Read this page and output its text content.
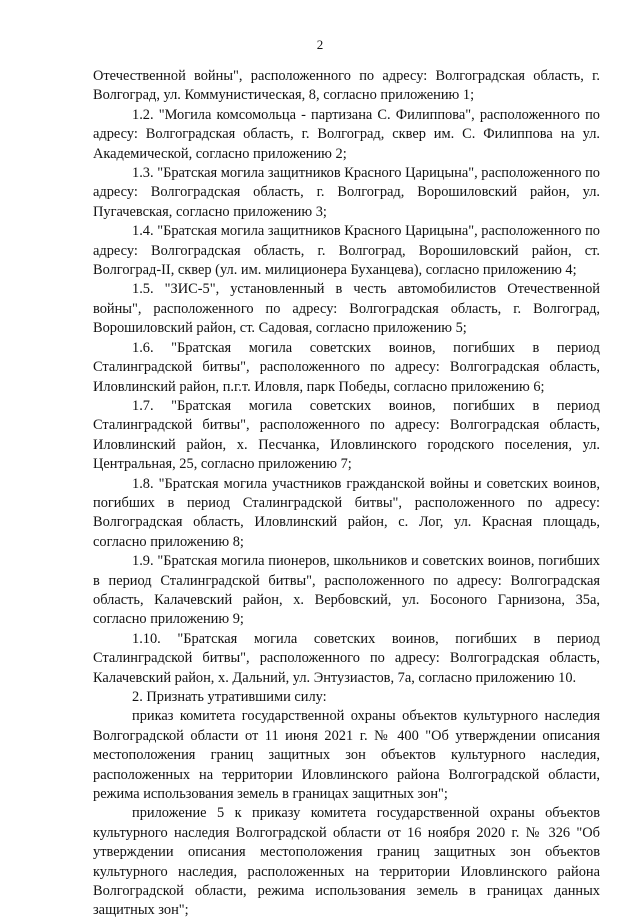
2

Отечественной войны", расположенного по адресу: Волгоградская область, г. Волгоград, ул. Коммунистическая, 8, согласно приложению 1;

1.2. "Могила комсомольца - партизана С. Филиппова", расположенного по адресу: Волгоградская область, г. Волгоград, сквер им. С. Филиппова на ул. Академической, согласно приложению 2;

1.3. "Братская могила защитников Красного Царицына", расположенного по адресу: Волгоградская область, г. Волгоград, Ворошиловский район, ул. Пугачевская, согласно приложению 3;

1.4. "Братская могила защитников Красного Царицына", расположенного по адресу: Волгоградская область, г. Волгоград, Ворошиловский район, ст. Волгоград-II, сквер (ул. им. милиционера Буханцева), согласно приложению 4;

1.5. "ЗИС-5", установленный в честь автомобилистов Отечественной войны", расположенного по адресу: Волгоградская область, г. Волгоград, Ворошиловский район, ст. Садовая, согласно приложению 5;

1.6. "Братская могила советских воинов, погибших в период Сталинградской битвы", расположенного по адресу: Волгоградская область, Иловлинский район, п.г.т. Иловля, парк Победы, согласно приложению 6;

1.7. "Братская могила советских воинов, погибших в период Сталинградской битвы", расположенного по адресу: Волгоградская область, Иловлинский район, х. Песчанка, Иловлинского городского поселения, ул. Центральная, 25, согласно приложению 7;

1.8. "Братская могила участников гражданской войны и советских воинов, погибших в период Сталинградской битвы", расположенного по адресу: Волгоградская область, Иловлинский район, с. Лог, ул. Красная площадь, согласно приложению 8;

1.9. "Братская могила пионеров, школьников и советских воинов, погибших в период Сталинградской битвы", расположенного по адресу: Волгоградская область, Калачевский район, х. Вербовский, ул. Босоного Гарнизона, 35а, согласно приложению 9;

1.10. "Братская могила советских воинов, погибших в период Сталинградской битвы", расположенного по адресу: Волгоградская область, Калачевский район, х. Дальний, ул. Энтузиастов, 7а, согласно приложению 10.

2. Признать утратившими силу:

приказ комитета государственной охраны объектов культурного наследия Волгоградской области от 11 июня 2021 г. № 400 "Об утверждении описания местоположения границ защитных зон объектов культурного наследия, расположенных на территории Иловлинского района Волгоградской области, режима использования земель в границах защитных зон";

приложение 5 к приказу комитета государственной охраны объектов культурного наследия Волгоградской области от 16 ноября 2020 г. № 326 "Об утверждении описания местоположения границ защитных зон объектов культурного наследия, расположенных на территории Иловлинского района Волгоградской области, режима использования земель в границах данных защитных зон";
